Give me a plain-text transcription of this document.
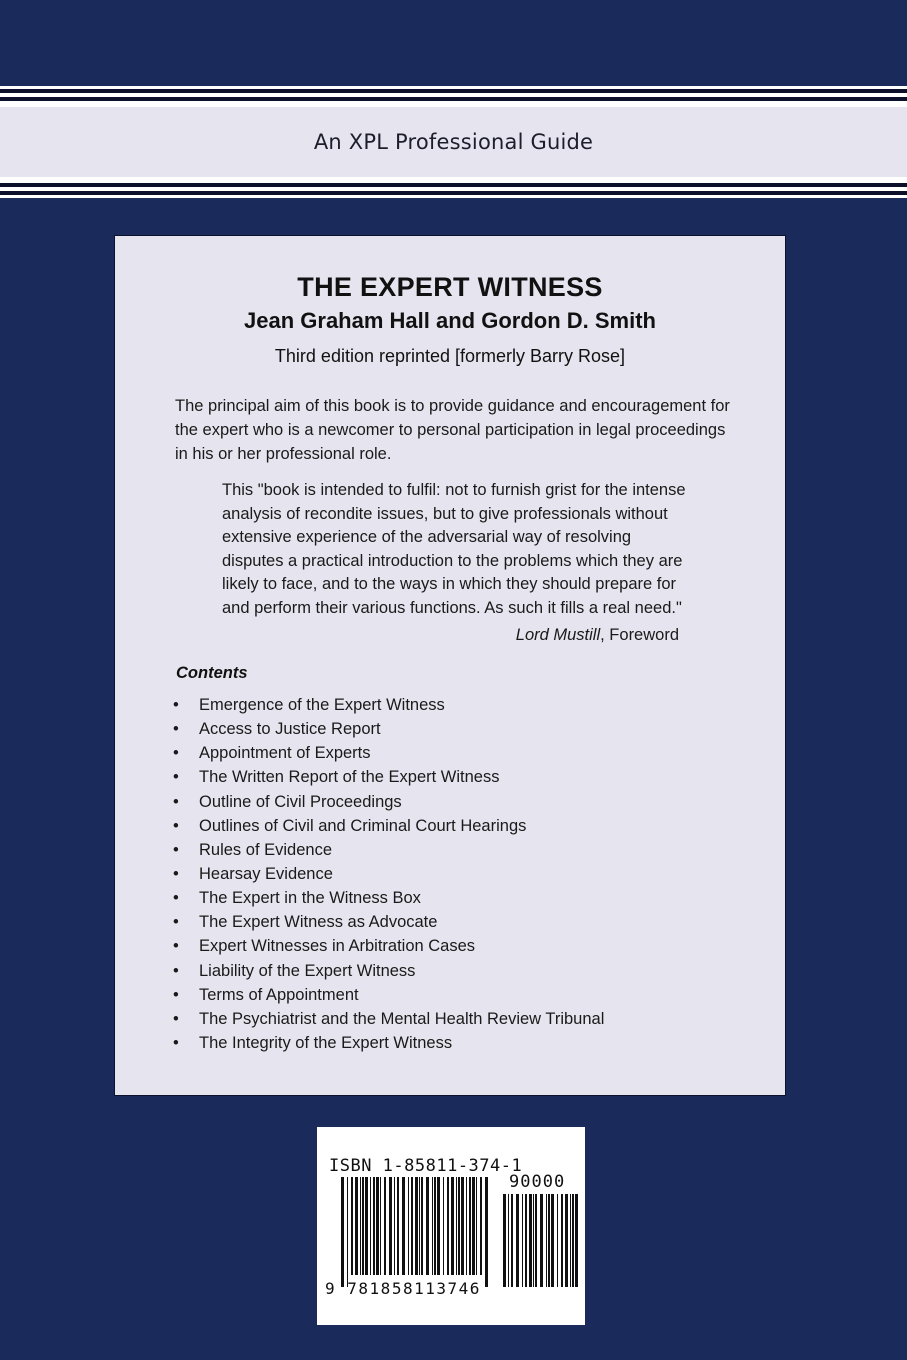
An XPL Professional Guide
THE EXPERT WITNESS
Jean Graham Hall and Gordon D. Smith
Third edition reprinted [formerly Barry Rose]

The principal aim of this book is to provide guidance and encouragement for the expert who is a newcomer to personal participation in legal proceedings in his or her professional role.

This "book is intended to fulfil: not to furnish grist for the intense analysis of recondite issues, but to give professionals without extensive experience of the adversarial way of resolving disputes a practical introduction to the problems which they are likely to face, and to the ways in which they should prepare for and perform their various functions. As such it fills a real need."

Lord Mustill, Foreword
Contents
•	Emergence of the Expert Witness
•	Access to Justice Report
•	Appointment of Experts
•	The Written Report of the Expert Witness
•	Outline of Civil Proceedings
•	Outlines of Civil and Criminal Court Hearings
•	Rules of Evidence
•	Hearsay Evidence
•	The Expert in the Witness Box
•	The Expert Witness as Advocate
•	Expert Witnesses in Arbitration Cases
•	Liability of the Expert Witness
•	Terms of Appointment
•	The Psychiatrist and the Mental Health Review Tribunal
•	The Integrity of the Expert Witness
ISBN 1-85811-374-1
90000
9 781858113746
